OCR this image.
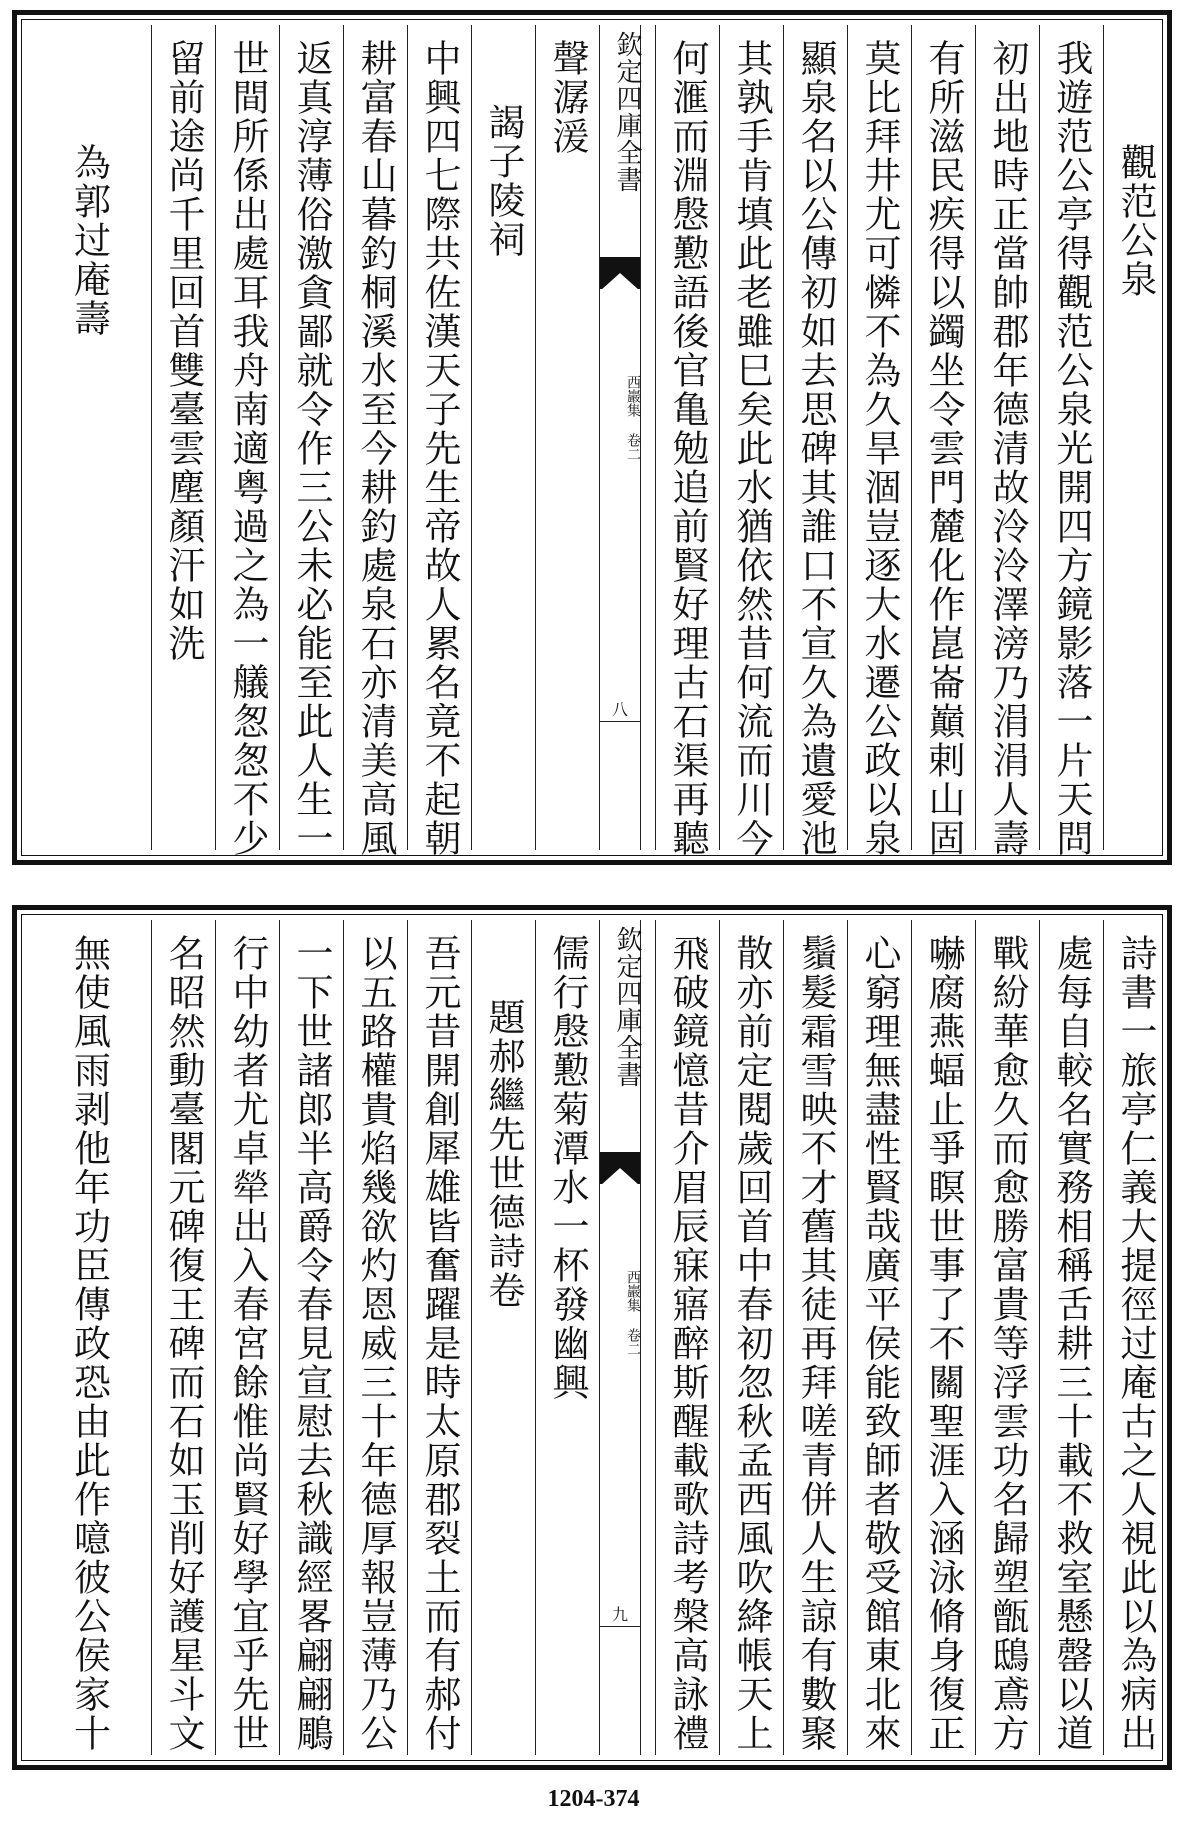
觀范公泉
我遊范公亭得觀范公泉光開四方鏡影落一片天問
初出地時正當帥郡年德清故泠泠澤滂乃涓涓人壽
有所滋民疾得以蠲坐令雲門麓化作崑崙巔剌山固
莫比拜井尤可憐不為久旱涸豈逐大水遷公政以泉
顯泉名以公傳初如去思碑其誰口不宣久為遺愛池
其孰手肯填此老雖巳矣此水猶依然昔何流而川今
何滙而淵慇懃語後官亀勉追前賢好理古石渠再聽
欽定四庫全書
西巖集 卷二
八
聲潺湲
謁子陵祠
中興四七際共佐漢天子先生帝故人累名竟不起朝
耕富春山暮釣桐溪水至今耕釣處泉石亦清美高風
返真淳薄俗激貪鄙就令作三公未必能至此人生一
世間所係出處耳我舟南適粤過之為一艤怱怱不少
留前途尚千里回首雙臺雲塵顏汗如洗
為郭过庵壽
詩書一旅亭仁義大提徑过庵古之人視此以為病出
處每自較名實務相稱舌耕三十載不救室懸罄以道
戰紛華愈久而愈勝富貴等浮雲功名歸塑甑鴟鳶方
嚇腐燕蝠止爭瞑世事了不關聖涯入涵泳脩身復正
心窮理無盡性賢哉廣平侯能致師者敬受館東北來
鬚髮霜雪映不才舊其徒再拜嗟青併人生諒有數聚
散亦前定閱歲回首中春初忽秋孟西風吹絳帳天上
飛破鏡憶昔介眉辰寐寤醉斯醒載歌詩考槃高詠禮
欽定四庫全書
西巖集 卷二
九
儒行慇懃菊潭水一杯發幽興
題郝繼先世德詩卷
吾元昔開創犀雄皆奮躍是時太原郡裂土而有郝付
以五路權貴焰幾欲灼恩威三十年德厚報豈薄乃公
一下世諸郎半高爵令春見宣慰去秋識經畧翩翩鵰
行中幼者尤卓犖出入春宮餘惟尚賢好學宜乎先世
名昭然動臺閣元碑復王碑而石如玉削好護星斗文
無使風雨剥他年功臣傳政恐由此作噫彼公侯家十
1204-374
